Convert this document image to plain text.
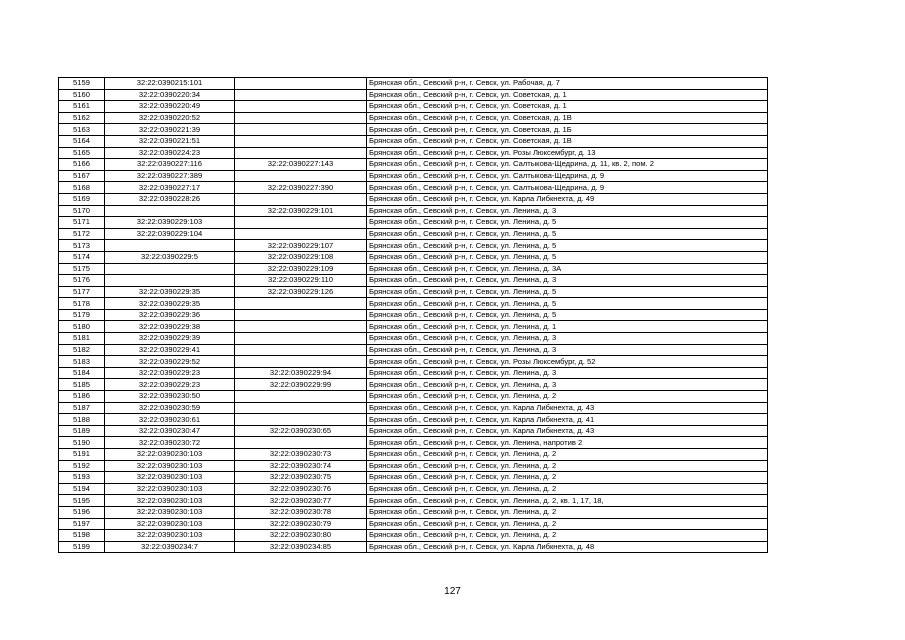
5159	32:22:0390215:101		Брянская обл., Севский р-н, г. Севск, ул. Рабочая, д. 7
5160	32:22:0390220:34		Брянская обл., Севский р-н, г. Севск, ул. Советская, д. 1
5161	32:22:0390220:49		Брянская обл., Севский р-н, г. Севск, ул. Советская, д. 1
5162	32:22:0390220:52		Брянская обл., Севский р-н, г. Севск, ул. Советская, д. 1В
5163	32:22:0390221:39		Брянская обл., Севский р-н, г. Севск, ул. Советская, д. 1Б
5164	32:22:0390221:51		Брянская обл., Севский р-н, г. Севск, ул. Советская, д. 1В
5165	32:22:0390224:23		Брянская обл., Севский р-н, г. Севск, ул. Розы Люксембург, д. 13
5166	32:22:0390227:116	32:22:0390227:143	Брянская обл., Севский р-н, г. Севск, ул. Салтыкова-Щедрина, д. 11, кв. 2, пом. 2
5167	32:22:0390227:389		Брянская обл., Севский р-н, г. Севск, ул. Салтыкова-Щедрина, д. 9
5168	32:22:0390227:17	32:22:0390227:390	Брянская обл., Севский р-н, г. Севск, ул. Салтыкова-Щедрина, д. 9
5169	32:22:0390228:26		Брянская обл., Севский р-н, г. Севск, ул. Карла Либкнехта, д. 49
5170		32:22:0390229:101	Брянская обл., Севский р-н, г. Севск, ул. Ленина, д. 3
5171	32:22:0390229:103		Брянская обл., Севский р-н, г. Севск, ул. Ленина, д. 5
5172	32:22:0390229:104		Брянская обл., Севский р-н, г. Севск, ул. Ленина, д. 5
5173		32:22:0390229:107	Брянская обл., Севский р-н, г. Севск, ул. Ленина, д. 5
5174	32:22:0390229:5	32:22:0390229:108	Брянская обл., Севский р-н, г. Севск, ул. Ленина, д. 5
5175		32:22:0390229:109	Брянская обл., Севский р-н, г. Севск, ул. Ленина, д. 3А
5176		32:22:0390229:110	Брянская обл., Севский р-н, г. Севск, ул. Ленина, д. 3
5177	32:22:0390229:35	32:22:0390229:126	Брянская обл., Севский р-н, г. Севск, ул. Ленина, д. 5
5178	32:22:0390229:35		Брянская обл., Севский р-н, г. Севск, ул. Ленина, д. 5
5179	32:22:0390229:36		Брянская обл., Севский р-н, г. Севск, ул. Ленина, д. 5
5180	32:22:0390229:38		Брянская обл., Севский р-н, г. Севск, ул. Ленина, д. 1
5181	32:22:0390229:39		Брянская обл., Севский р-н, г. Севск, ул. Ленина, д. 3
5182	32:22:0390229:41		Брянская обл., Севский р-н, г. Севск, ул. Ленина, д. 3
5183	32:22:0390229:52		Брянская обл., Севский р-н, г. Севск, ул. Розы Люксембург, д. 52
5184	32:22:0390229:23	32:22:0390229:94	Брянская обл., Севский р-н, г. Севск, ул. Ленина, д. 3
5185	32:22:0390229:23	32:22:0390229:99	Брянская обл., Севский р-н, г. Севск, ул. Ленина, д. 3
5186	32:22:0390230:50		Брянская обл., Севский р-н, г. Севск, ул. Ленина, д. 2
5187	32:22:0390230:59		Брянская обл., Севский р-н, г. Севск, ул. Карла Либкнехта, д. 43
5188	32:22:0390230:61		Брянская обл., Севский р-н, г. Севск, ул. Карла Либкнехта, д. 41
5189	32:22:0390230:47	32:22:0390230:65	Брянская обл., Севский р-н, г. Севск, ул. Карла Либкнехта, д. 43
5190	32:22:0390230:72		Брянская обл., Севский р-н, г. Севск, ул. Ленина, напротив 2
5191	32:22:0390230:103	32:22:0390230:73	Брянская обл., Севский р-н, г. Севск, ул. Ленина, д. 2
5192	32:22:0390230:103	32:22:0390230:74	Брянская обл., Севский р-н, г. Севск, ул. Ленина, д. 2
5193	32:22:0390230:103	32:22:0390230:75	Брянская обл., Севский р-н, г. Севск, ул. Ленина, д. 2
5194	32:22:0390230:103	32:22:0390230:76	Брянская обл., Севский р-н, г. Севск, ул. Ленина, д. 2
5195	32:22:0390230:103	32:22:0390230:77	Брянская обл., Севский р-н, г. Севск, ул. Ленина, д. 2, кв. 1, 17, 18,
5196	32:22:0390230:103	32:22:0390230:78	Брянская обл., Севский р-н, г. Севск, ул. Ленина, д. 2
5197	32:22:0390230:103	32:22:0390230:79	Брянская обл., Севский р-н, г. Севск, ул. Ленина, д. 2
5198	32:22:0390230:103	32:22:0390230:80	Брянская обл., Севский р-н, г. Севск, ул. Ленина, д. 2
5199	32:22:0390234:7	32:22:0390234:85	Брянская обл., Севский р-н, г. Севск, ул. Карла Либкнехта, д. 48
127
